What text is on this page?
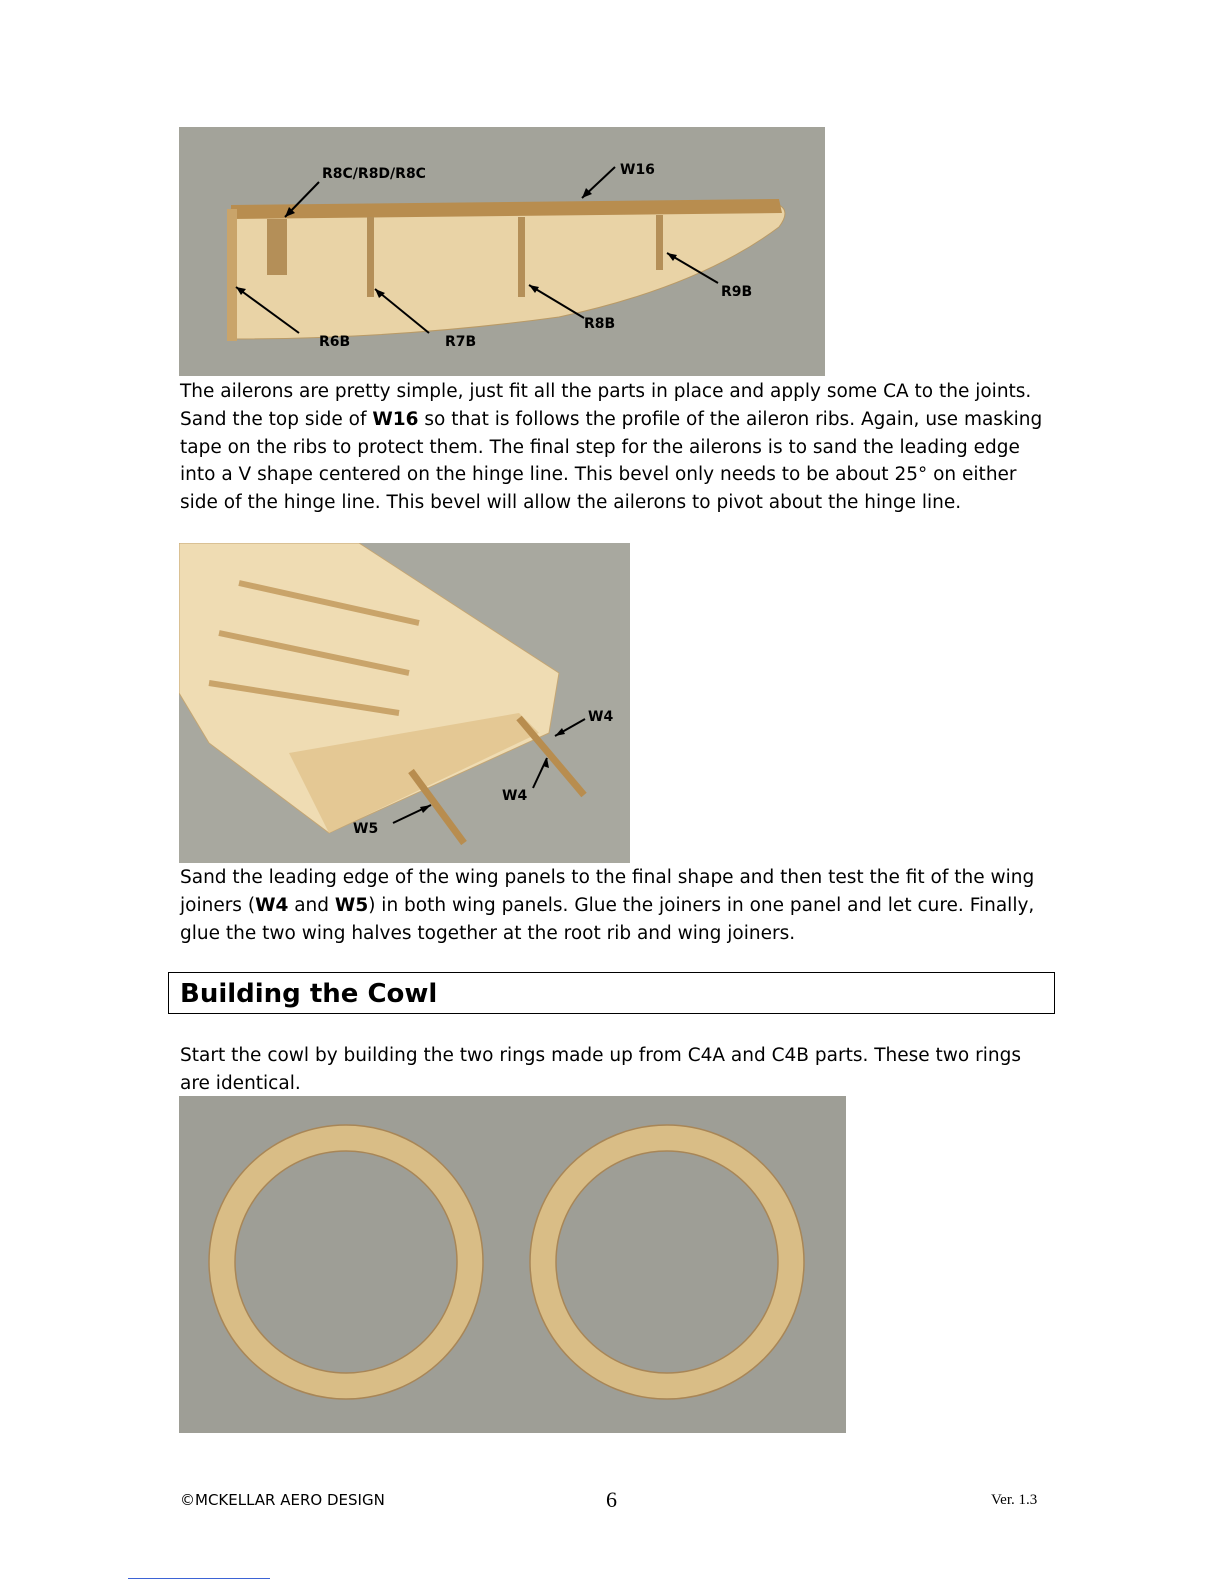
R8C/R8D/R8C	W16
R9B
R8B
R6B	R7B

The ailerons are pretty simple, just fit all the parts in place and apply some CA to the joints. Sand the top side of W16 so that is follows the profile of the aileron ribs. Again, use masking tape on the ribs to protect them. The final step for the ailerons is to sand the leading edge into a V shape centered on the hinge line. This bevel only needs to be about 25° on either side of the hinge line. This bevel will allow the ailerons to pivot about the hinge line.

W4
W4
W5

Sand the leading edge of the wing panels to the final shape and then test the fit of the wing joiners (W4 and W5) in both wing panels. Glue the joiners in one panel and let cure. Finally, glue the two wing halves together at the root rib and wing joiners.

Building the Cowl

Start the cowl by building the two rings made up from C4A and C4B parts. These two rings are identical.

©MCKELLAR AERO DESIGN	6	Ver. 1.3
